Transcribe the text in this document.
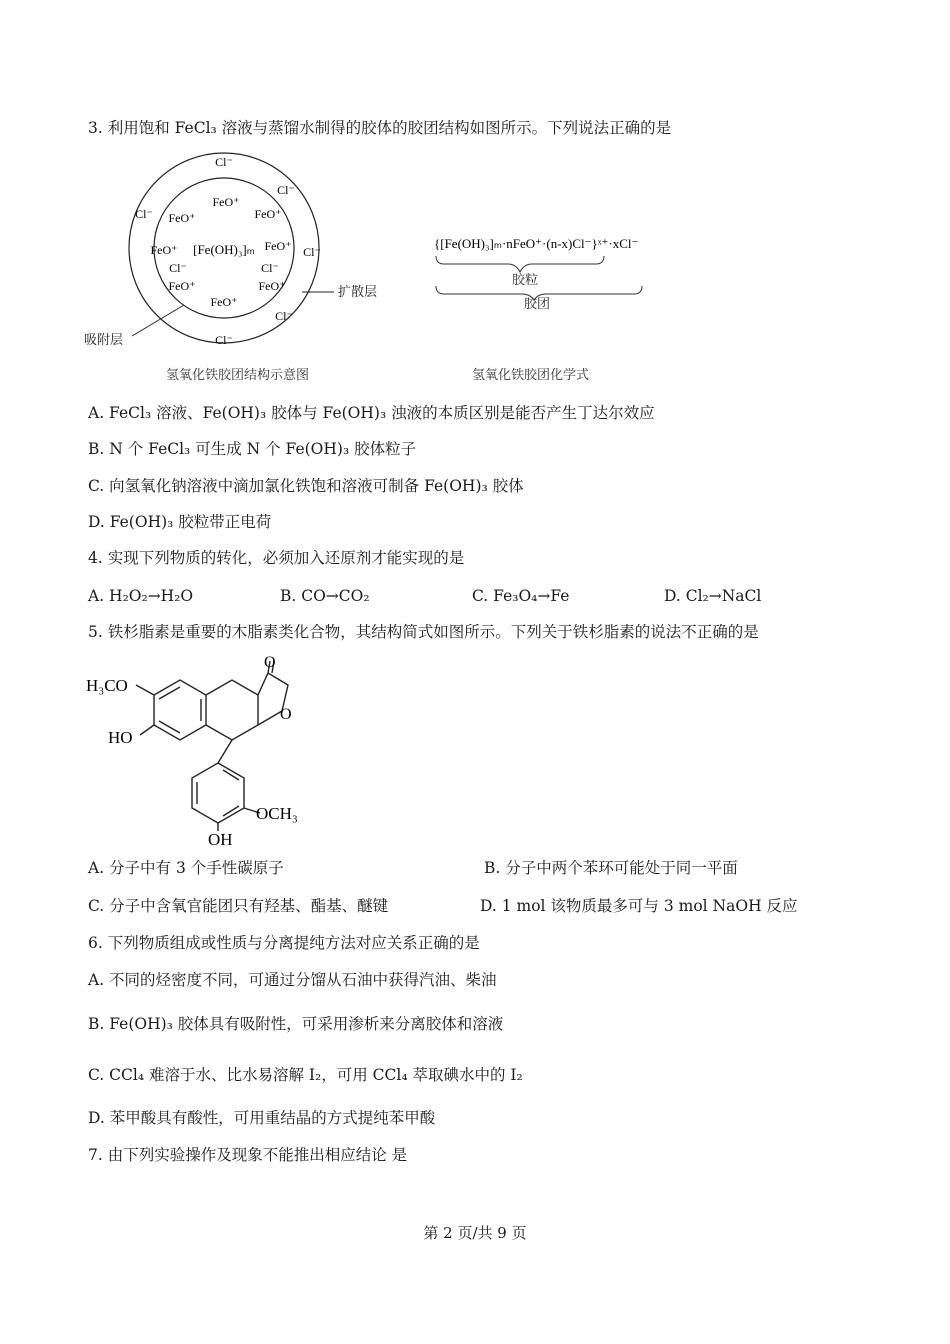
3. 利用饱和 FeCl₃ 溶液与蒸馏水制得的胶体的胶团结构如图所示。下列说法正确的是
[Fe(OH)₃]ₘ
FeO⁺
FeO⁺	FeO⁺
FeO⁺	FeO⁺
FeO⁺	FeO⁺
FeO⁺
Cl⁻	Cl⁻
Cl⁻
Cl⁻
Cl⁻
Cl⁻
Cl⁻
Cl⁻
扩散层
吸附层
氢氧化铁胶团结构示意图
{[Fe(OH)₃]ₘ·nFeO⁺·(n-x)Cl⁻}ˣ⁺·xCl⁻
胶粒
胶团
氢氧化铁胶团化学式
A. FeCl₃ 溶液、Fe(OH)₃ 胶体与 Fe(OH)₃ 浊液的本质区别是能否产生丁达尔效应
B. N 个 FeCl₃ 可生成 N 个 Fe(OH)₃ 胶体粒子
C. 向氢氧化钠溶液中滴加氯化铁饱和溶液可制备 Fe(OH)₃ 胶体
D. Fe(OH)₃ 胶粒带正电荷
4. 实现下列物质的转化，必须加入还原剂才能实现的是
A. H₂O₂→H₂O	B. CO→CO₂	C. Fe₃O₄→Fe	D. Cl₂→NaCl
5. 铁杉脂素是重要的木脂素类化合物，其结构简式如图所示。下列关于铁杉脂素的说法不正确的是
H₃CO
HO
O
O
OCH₃
OH
A. 分子中有 3 个手性碳原子	B. 分子中两个苯环可能处于同一平面
C. 分子中含氧官能团只有羟基、酯基、醚键	D. 1 mol 该物质最多可与 3 mol NaOH 反应
6. 下列物质组成或性质与分离提纯方法对应关系正确的是
A. 不同的烃密度不同，可通过分馏从石油中获得汽油、柴油
B. Fe(OH)₃ 胶体具有吸附性，可采用渗析来分离胶体和溶液
C. CCl₄ 难溶于水、比水易溶解 I₂，可用 CCl₄ 萃取碘水中的 I₂
D. 苯甲酸具有酸性，可用重结晶的方式提纯苯甲酸
7. 由下列实验操作及现象不能推出相应结论 是
第 2 页/共 9 页
